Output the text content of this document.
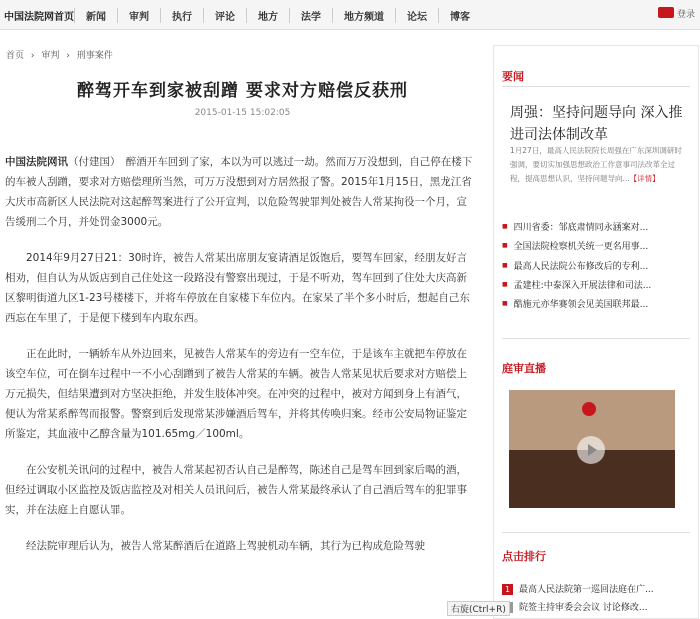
中国法院网首页	新闻	审判	执行	评论	地方	法学	地方频道	论坛	博客	登录
首页 › 审判 › 刑事案件
醉驾开车到家被刮蹭 要求对方赔偿反获刑
2015-01-15 15:02:05

中国法院网讯（付建国）　 醉酒开车回到了家，本以为可以逃过一劫。然而万万没想到，自己停在楼下的车被人刮蹭，要求对方赔偿理所当然，可万万没想到对方居然报了警。2015年1月15日，黑龙江省大庆市高新区人民法院对这起醉驾案进行了公开宣判，以危险驾驶罪判处被告人常某拘役一个月，宣告缓刑二个月，并处罚金3000元。

2014年9月27日21：30时许，被告人常某出席朋友宴请酒足饭饱后，要驾车回家，经朋友好言相劝，但自认为从饭店到自己住处这一段路没有警察出现过，于是不听劝，驾车回到了住处大庆高新区黎明街道九区1-23号楼楼下，并将车停放在自家楼下车位内。在家呆了半个多小时后，想起自己东西忘在车里了，于是便下楼到车内取东西。

正在此时，一辆轿车从外边回来，见被告人常某车的旁边有一空车位，于是该车主就把车停放在该空车位，可在倒车过程中一不小心刮蹭到了被告人常某的车辆。被告人常某见状后要求对方赔偿上万元损失，但结果遭到对方坚决拒绝，并发生肢体冲突。在冲突的过程中，被对方闻到身上有酒气，便认为常某系醉驾而报警。警察到后发现常某涉嫌酒后驾车，并将其传唤归案。经市公安局物证鉴定所鉴定，其血液中乙醇含量为101.65mg／100ml。

在公安机关讯问的过程中，被告人常某起初否认自己是醉驾，陈述自己是驾车回到家后喝的酒，但经过调取小区监控及饭店监控及对相关人员讯问后，被告人常某最终承认了自己酒后驾车的犯罪事实，并在法庭上自愿认罪。

经法院审理后认为，被告人常某醉酒后在道路上驾驶机动车辆，其行为已构成危险驾驶

要闻
周强：坚持问题导向 深入推进司法体制改革
1月27日，最高人民法院院长周强在广东深圳调研时强调，要切实加强思想政治工作意事司法改革全过程，提高思想认识，坚持问题导向...【详情】
■ 四川省委：邹底肃情同永涵案对...
■ 全国法院检察机关统一更名用事...
■ 最高人民法院公布修改后的专利...
■ 孟建柱:中泰深入开展法律和司法...
■ 酷施元亦华赛领会见美国联邦最...
庭审直播
点击排行
1 最高人民法院第一巡回法庭在广...
院签主持审委会会议 讨论修改...
右旋(Ctrl+R)
